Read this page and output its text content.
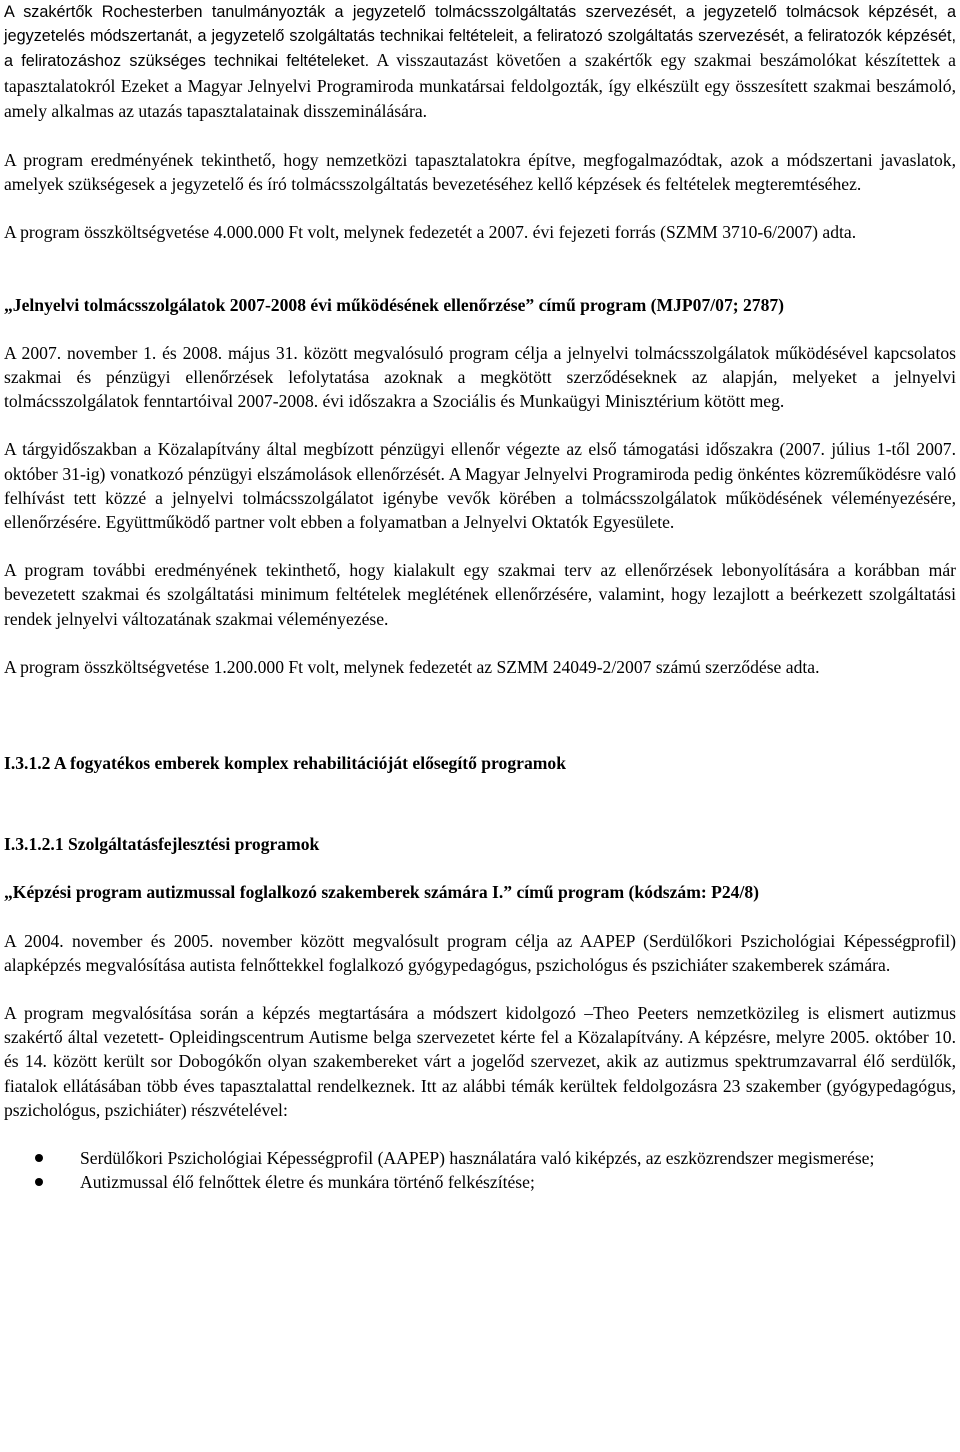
A szakértők Rochesterben tanulmányozták a jegyzetelő tolmácsszolgáltatás szervezését, a jegyzetelő tolmácsok képzését, a jegyzetelés módszertanát, a jegyzetelő szolgáltatás technikai feltételeit, a feliratozó szolgáltatás szervezését, a feliratozók képzését, a feliratozáshoz szükséges technikai feltételeket. A visszautazást követően a szakértők egy szakmai beszámolókat készítettek a tapasztalatokról Ezeket a Magyar Jelnyelvi Programiroda munkatársai feldolgozták, így elkészült egy összesített szakmai beszámoló, amely alkalmas az utazás tapasztalatainak disszeminálására.

A program eredményének tekinthető, hogy nemzetközi tapasztalatokra építve, megfogalmazódtak, azok a módszertani javaslatok, amelyek szükségesek a jegyzetelő és író tolmácsszolgáltatás bevezetéséhez kellő képzések és feltételek megteremtéséhez.

A program összköltségvetése 4.000.000 Ft volt, melynek fedezetét a 2007. évi fejezeti forrás (SZMM 3710-6/2007) adta.

„Jelnyelvi tolmácsszolgálatok 2007-2008 évi működésének ellenőrzése” című program (MJP07/07; 2787)

A 2007. november 1. és 2008. május 31. között megvalósuló program célja a jelnyelvi tolmácsszolgálatok működésével kapcsolatos szakmai és pénzügyi ellenőrzések lefolytatása azoknak a megkötött szerződéseknek az alapján, melyeket a jelnyelvi tolmácsszolgálatok fenntartóival 2007-2008. évi időszakra a Szociális és Munkaügyi Minisztérium kötött meg.

A tárgyidőszakban a Közalapítvány által megbízott pénzügyi ellenőr végezte az első támogatási időszakra (2007. július 1-től 2007. október 31-ig) vonatkozó pénzügyi elszámolások ellenőrzését. A Magyar Jelnyelvi Programiroda pedig önkéntes közreműködésre való felhívást tett közzé a jelnyelvi tolmácsszolgálatot igénybe vevők körében a tolmácsszolgálatok működésének véleményezésére, ellenőrzésére. Együttműködő partner volt ebben a folyamatban a Jelnyelvi Oktatók Egyesülete.

A program további eredményének tekinthető, hogy kialakult egy szakmai terv az ellenőrzések lebonyolítására a korábban már bevezetett szakmai és szolgáltatási minimum feltételek meglétének ellenőrzésére, valamint, hogy lezajlott a beérkezett szolgáltatási rendek jelnyelvi változatának szakmai véleményezése.

A program összköltségvetése 1.200.000 Ft volt, melynek fedezetét az SZMM 24049-2/2007 számú szerződése adta.

I.3.1.2 A fogyatékos emberek komplex rehabilitációját elősegítő programok

I.3.1.2.1 Szolgáltatásfejlesztési programok

„Képzési program autizmussal foglalkozó szakemberek számára I.” című program (kódszám: P24/8)

A 2004. november és 2005. november között megvalósult program célja az AAPEP (Serdülőkori Pszichológiai Képességprofil) alapképzés megvalósítása autista felnőttekkel foglalkozó gyógypedagógus, pszichológus és pszichiáter szakemberek számára.

A program megvalósítása során a képzés megtartására a módszert kidolgozó –Theo Peeters nemzetközileg is elismert autizmus szakértő által vezetett- Opleidingscentrum Autisme belga szervezetet kérte fel a Közalapítvány. A képzésre, melyre 2005. október 10. és 14. között került sor Dobogókőn olyan szakembereket várt a jogelőd szervezet, akik az autizmus spektrumzavarral élő serdülők, fiatalok ellátásában több éves tapasztalattal rendelkeznek. Itt az alábbi témák kerültek feldolgozásra 23 szakember (gyógypedagógus, pszichológus, pszichiáter) részvételével:

Serdülőkori Pszichológiai Képességprofil (AAPEP) használatára való kiképzés, az eszközrendszer megismerése;
Autizmussal élő felnőttek életre és munkára történő felkészítése;
